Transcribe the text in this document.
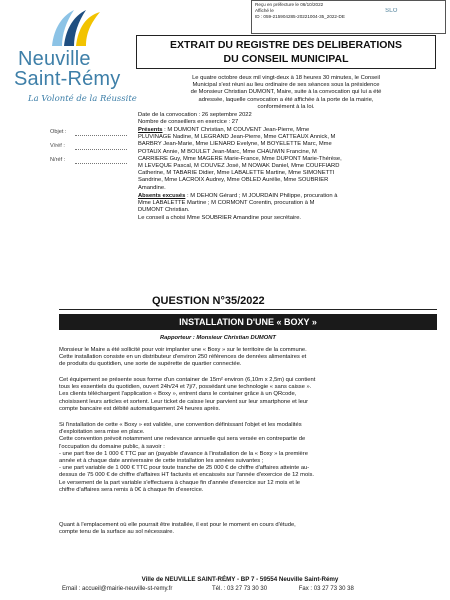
Reçu en préfecture le 06/10/2022
Affiché le	SLO
ID : 059-215904285-20221004-35_2022-DE
Neuville
Saint-Rémy
La Volonté de la Réussite
EXTRAIT DU REGISTRE DES DELIBERATIONS
DU CONSEIL MUNICIPAL
Objet :
V/réf :
N/réf :
Le quatre octobre deux mil vingt-deux à 18 heures 30 minutes, le Conseil
Municipal s'est réuni au lieu ordinaire de ses séances sous la présidence
de Monsieur Christian DUMONT, Maire, suite à la convocation qui lui a été
adressée, laquelle convocation a été affichée à la porte de la mairie,
conformément à la loi.
Date de la convocation : 26 septembre 2022
Nombre de conseillers en exercice : 27
Présents : M DUMONT Christian, M COUVENT Jean-Pierre, Mme
PLUVINAGE Nadine, M LEGRAND Jean-Pierre, Mme CATTEAUX Annick, M
BARBRY Jean-Marie, Mme LIENARD Evelyne, M BOYELETTE Marc, Mme
POTAUX Annie, M BOULET Jean-Marc, Mme CHAUWIN Francine, M
CARRIERE Guy, Mme MAGERE Marie-France, Mme DUPONT Marie-Thérèse,
M LEVEQUE Pascal, M COUVEZ José, M NOWAK Daniel, Mme COUFFIARD
Catherine, M TABARIE Didier, Mme LABALETTE Martine, Mme SIMONETTI
Sandrine, Mme LACROIX Audrey, Mme OBLED Aurélie, Mme SOUBRIER
Amandine.
Absents excusés : M DEHON Gérard ; M JOURDAIN Philippe, procuration à
Mme LABALETTE Martine ; M CORMONT Corentin, procuration à M
DUMONT Christian.
Le conseil a choisi Mme SOUBRIER Amandine pour secrétaire.
QUESTION N°35/2022
INSTALLATION D'UNE « BOXY »
Rapporteur : Monsieur Christian DUMONT
Monsieur le Maire a été sollicité pour voir implanter une « Boxy » sur le territoire de la commune.
Cette installation consiste en un distributeur d'environ 250 références de denrées alimentaires et
de produits du quotidien, une sorte de supérette de quartier connectée.
Cet équipement se présente sous forme d'un container de 15m² environ (6,10m x 2,5m) qui contient
tous les essentiels du quotidien, ouvert 24h/24 et 7j/7, possédant une technologie « sans caisse ».
Les clients téléchargent l'application « Boxy », entrent dans le container grâce à un QRcode,
choisissent leurs articles et sortent. Leur ticket de caisse leur parvient sur leur smartphone et leur
compte bancaire est débité automatiquement 24 heures après.
Si l'installation de cette « Boxy » est validée, une convention définissant l'objet et les modalités
d'exploitation sera mise en place.
Cette convention prévoit notamment une redevance annuelle qui sera versée en contrepartie de
l'occupation du domaine public, à savoir :
- une part fixe de 1 000 € TTC par an (payable d'avance à l'installation de la « Boxy » la première
année et à chaque date anniversaire de cette installation les années suivantes ;
- une part variable de 1 000 € TTC pour toute tranche de 25 000 € de chiffre d'affaires atteinte au-
dessus de 75 000 € de chiffre d'affaires HT facturés et encaissés sur l'année d'exercice de 12 mois.
Le versement de la part variable s'effectuera à chaque fin d'année d'exercice sur 12 mois et le
chiffre d'affaires sera remis à 0€ à chaque fin d'exercice.
Quant à l'emplacement où elle pourrait être installée, il est pour le moment en cours d'étude,
compte tenu de la surface au sol nécessaire.
Ville de NEUVILLE SAINT-RÉMY - BP 7 - 59554 Neuville Saint-Rémy
Email : accueil@mairie-neuville-st-remy.fr	Tél. : 03 27 73 30 30	Fax : 03 27 73 30 38
